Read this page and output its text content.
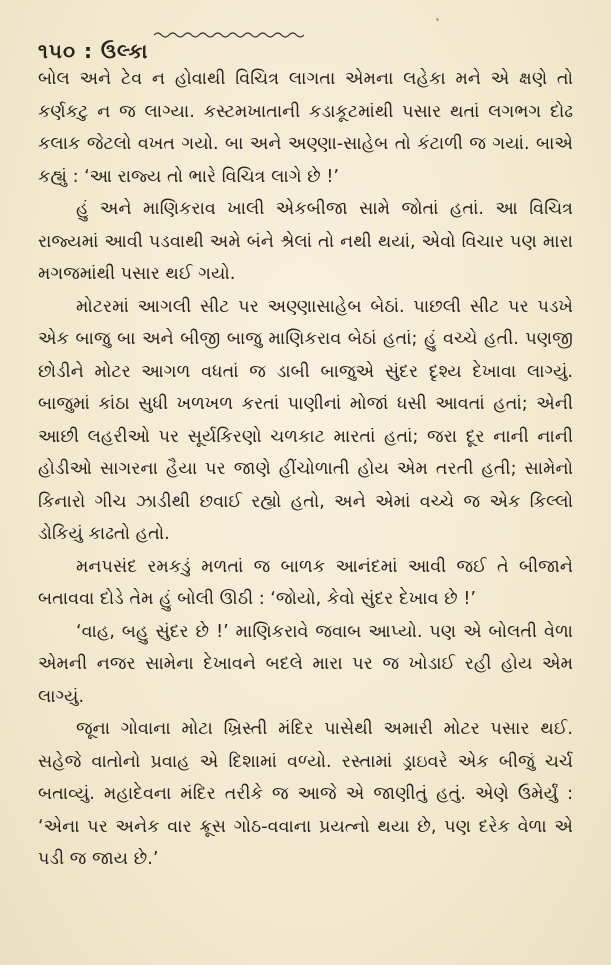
૧૫૦ : ઉલ્કા

બોલ અને ટેવ ન હોવાથી વિચિત્ર લાગતા એમના લહેકા મને એ ક્ષણે તો કર્ણકટુ ન જ લાગ્યા. કસ્ટમખાતાની કડાકૂટમાંથી પસાર થતાં લગભગ દોઢ કલાક જેટલો વખત ગયો. બા અને અણ્ણા-સાહેબ તો કંટાળી જ ગયાં. બાએ કહ્યું : ‘આ રાજ્ય તો ભારે વિચિત્ર લાગે છે !’

હું અને માણિકરાવ ખાલી એકબીજા સામે જોતાં હતાં. આ વિચિત્ર રાજ્યમાં આવી પડવાથી અમે બંને શ્રેલાં તો નથી થયાં, એવો વિચાર પણ મારા મગજમાંથી પસાર થઈ ગયો.

મોટરમાં આગલી સીટ પર અણ્ણાસાહેબ બેઠાં. પાછલી સીટ પર પડખે એક બાજુ બા અને બીજી બાજુ માણિકરાવ બેઠાં હતાં; હું વચ્ચે હતી. પણજી છોડીને મોટર આગળ વધતાં જ ડાબી બાજુએ સુંદર દૃશ્ય દેખાવા લાગ્યું. બાજુમાં કાંઠા સુધી ખળખળ કરતાં પાણીનાં મોજાં ધસી આવતાં હતાં; એની આછી લહરીઓ પર સૂર્યકિરણો ચળકાટ મારતાં હતાં; જરા દૂર નાની નાની હોડીઓ સાગરના હૈયા પર જાણે હીંચોળાતી હોય એમ તરતી હતી; સામેનો કિનારો ગીચ ઝાડીથી છવાઈ રહ્યો હતો, અને એમાં વચ્ચે જ એક કિલ્લો ડોકિયું કાઢતો હતો.

મનપસંદ રમકડું મળતાં જ બાળક આનંદમાં આવી જઈ તે બીજાને બતાવવા દોડે તેમ હું બોલી ઊઠી : ‘જોયો, કેવો સુંદર દેખાવ છે !’

‘વાહ, બહુ સુંદર છે !’ માણિકરાવે જવાબ આપ્યો. પણ એ બોલતી વેળા એમની નજર સામેના દેખાવને બદલે મારા પર જ ખોડાઈ રહી હોય એમ લાગ્યું.

જૂના ગોવાના મોટા ખ્રિસ્તી મંદિર પાસેથી અમારી મોટર પસાર થઈ. સહેજે વાતોનો પ્રવાહ એ દિશામાં વળ્યો. રસ્તામાં ડ્રાઇવરે એક બીજું ચર્ચ બતાવ્યું. મહાદેવના મંદિર તરીકે જ આજે એ જાણીતું હતું. એણે ઉમેર્યું : ‘એના પર અનેક વાર ક્રૂસ ગોઠ-વવાના પ્રયત્નો થયા છે, પણ દરેક વેળા એ પડી જ જાય છે.’
